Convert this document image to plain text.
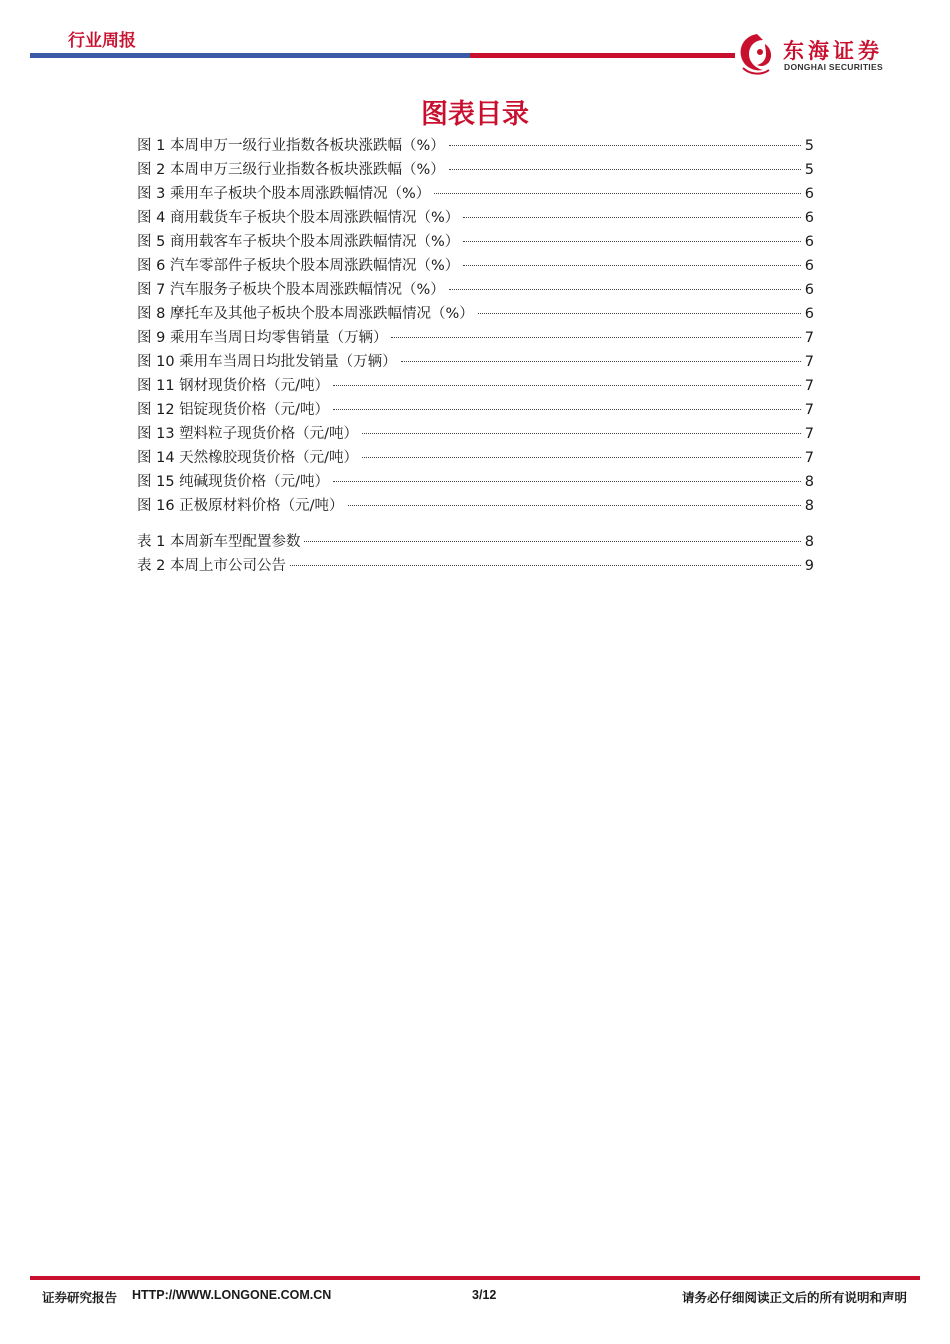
行业周报	东海证券
DONGHAI SECURITIES
图表目录
图 1 本周申万一级行业指数各板块涨跌幅（%）	5
图 2 本周申万三级行业指数各板块涨跌幅（%）	5
图 3 乘用车子板块个股本周涨跌幅情况（%）	6
图 4 商用载货车子板块个股本周涨跌幅情况（%）	6
图 5 商用载客车子板块个股本周涨跌幅情况（%）	6
图 6 汽车零部件子板块个股本周涨跌幅情况（%）	6
图 7 汽车服务子板块个股本周涨跌幅情况（%）	6
图 8 摩托车及其他子板块个股本周涨跌幅情况（%）	6
图 9 乘用车当周日均零售销量（万辆）	7
图 10 乘用车当周日均批发销量（万辆）	7
图 11 钢材现货价格（元/吨）	7
图 12 铝锭现货价格（元/吨）	7
图 13 塑料粒子现货价格（元/吨）	7
图 14 天然橡胶现货价格（元/吨）	7
图 15 纯碱现货价格（元/吨）	8
图 16 正极原材料价格（元/吨）	8
表 1 本周新车型配置参数	8
表 2 本周上市公司公告	9
证券研究报告 HTTP://WWW.LONGONE.COM.CN	3/12	请务必仔细阅读正文后的所有说明和声明
